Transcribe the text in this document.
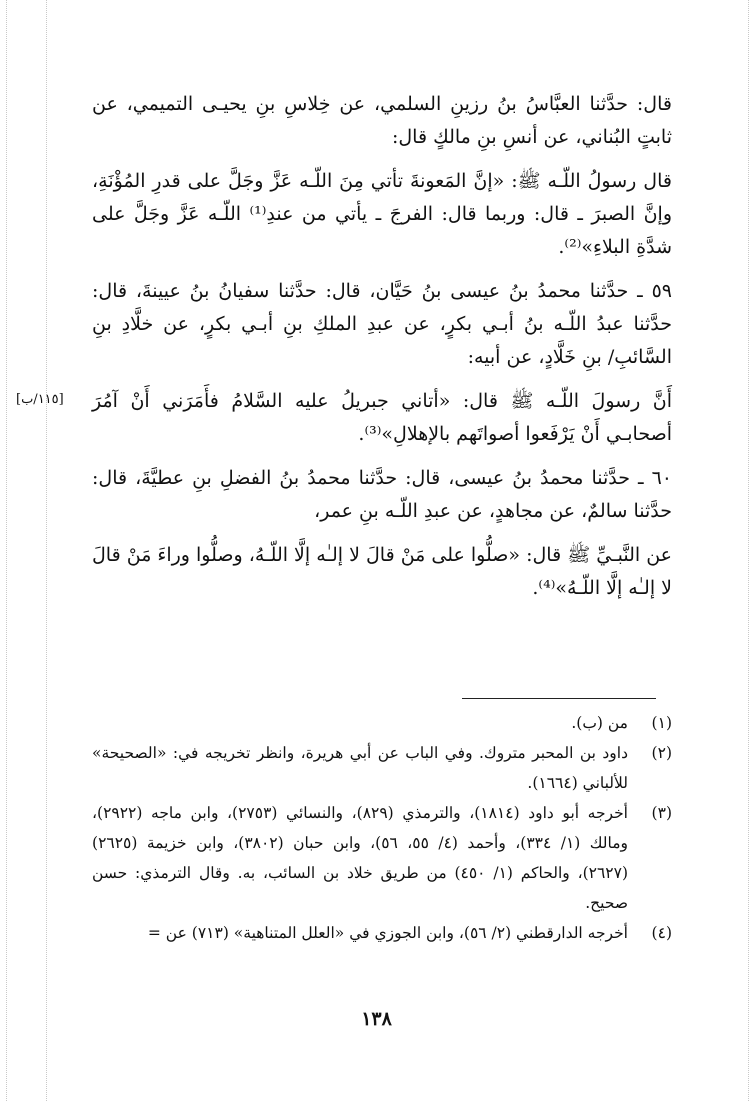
قال: حدَّثنا العبَّاسُ بنُ رزينِ السلمي، عن خِلاسِ بنِ يحيـى التميمي، عن ثابتٍ البُناني، عن أنسِ بنِ مالكٍ قال:

قال رسولُ اللّـه ﷺ: «إنَّ المَعونةَ تأتي مِنَ اللّـه عَزَّ وجَلَّ على قدرِ المُؤْنَةِ، وإنَّ الصبرَ ـ قال: وربما قال: الفرجَ ـ يأتي من عندِ⁽¹⁾ اللّـه عَزَّ وجَلَّ على شدَّةِ البلاءِ»⁽²⁾.

٥٩ ـ حدَّثنا محمدُ بنُ عيسى بنُ حَيَّان، قال: حدَّثنا سفيانُ بنُ عيينةَ، قال: حدَّثنا عبدُ اللّـه بنُ أبـي بكرٍ، عن عبدِ الملكِ بنِ أبـي بكرٍ، عن خلَّادِ بنِ السَّائبِ/ بنِ خَلَّادٍ، عن أبيه:

أَنَّ رسولَ اللّـه ﷺ قال: «أتاني جبريلُ عليه السَّلامُ فأَمَرَني أَنْ آمُرَ أصحابـي أَنْ يَرْفَعوا أصواتَهم بالإهلالِ»⁽³⁾.

٦٠ ـ حدَّثنا محمدُ بنُ عيسى، قال: حدَّثنا محمدُ بنُ الفضلِ بنِ عطيَّةَ، قال: حدَّثنا سالمٌ، عن مجاهدٍ، عن عبدِ اللّـه بنِ عمر،

عن النَّبـيِّ ﷺ قال: «صلُّوا على مَنْ قالَ لا إلـٰه إلَّا اللّـهُ، وصلُّوا وراءَ مَنْ قالَ لا إلـٰه إلَّا اللّـهُ»⁽⁴⁾.

[١١٥/ب]
(١)
من (ب).
(٢)
داود بن المحبر متروك. وفي الباب عن أبي هريرة، وانظر تخريجه في: «الصحيحة» للألباني (١٦٦٤).
(٣)
أخرجه أبو داود (١٨١٤)، والترمذي (٨٢٩)، والنسائي (٢٧٥٣)، وابن ماجه (٢٩٢٢)، ومالك (١/ ٣٣٤)، وأحمد (٤/ ٥٥، ٥٦)، وابن حبان (٣٨٠٢)، وابن خزيمة (٢٦٢٥) (٢٦٢٧)، والحاكم (١/ ٤٥٠) من طريق خلاد بن السائب، به. وقال الترمذي: حسن صحيح.
(٤)
أخرجه الدارقطني (٢/ ٥٦)، وابن الجوزي في «العلل المتناهية» (٧١٣) عن =
١٣٨
